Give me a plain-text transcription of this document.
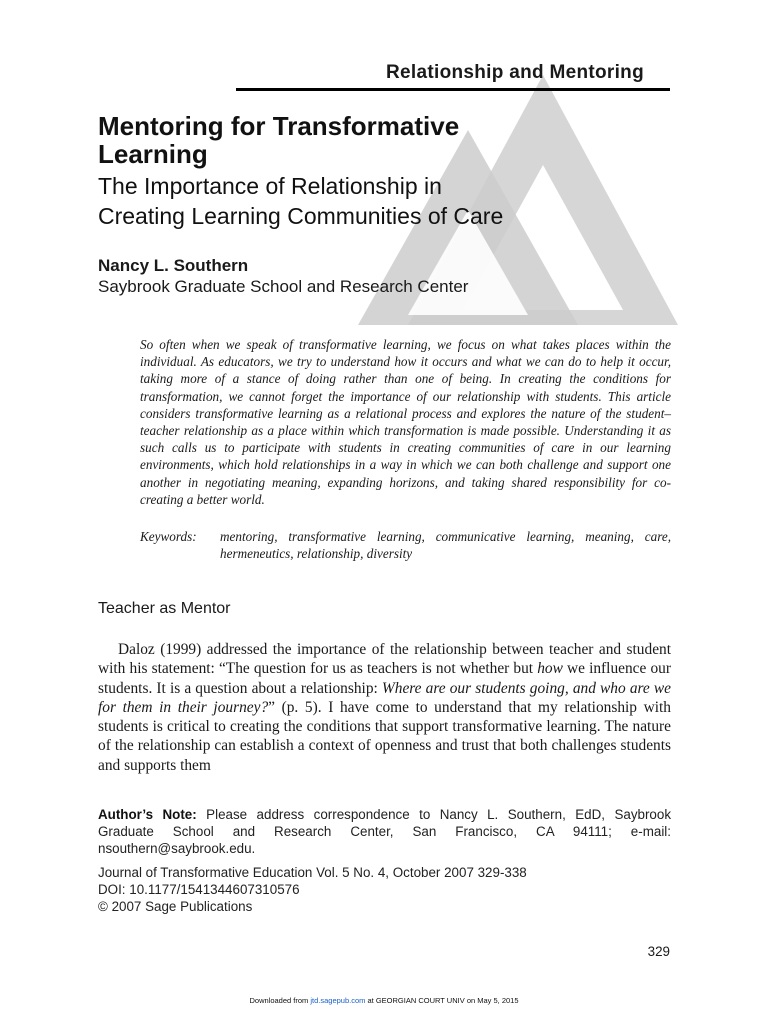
Relationship and Mentoring
Mentoring for Transformative
Learning
The Importance of Relationship in
Creating Learning Communities of Care
Nancy L. Southern
Saybrook Graduate School and Research Center
So often when we speak of transformative learning, we focus on what takes places within the individual. As educators, we try to understand how it occurs and what we can do to help it occur, taking more of a stance of doing rather than one of being. In creating the conditions for transformation, we cannot forget the importance of our relationship with students. This article considers transformative learning as a relational process and explores the nature of the student–teacher relationship as a place within which transformation is made possible. Understanding it as such calls us to participate with students in creating communities of care in our learning environments, which hold relationships in a way in which we can both challenge and support one another in negotiating meaning, expanding horizons, and taking shared responsibility for co-creating a better world.
Keywords: mentoring, transformative learning, communicative learning, meaning, care, hermeneutics, relationship, diversity
Teacher as Mentor

Daloz (1999) addressed the importance of the relationship between teacher and student with his statement: “The question for us as teachers is not whether but how we influence our students. It is a question about a relationship: Where are our students going, and who are we for them in their journey?” (p. 5). I have come to understand that my relationship with students is critical to creating the conditions that support transformative learning. The nature of the relationship can establish a context of openness and trust that both challenges students and supports them

Author’s Note: Please address correspondence to Nancy L. Southern, EdD, Saybrook Graduate School and Research Center, San Francisco, CA 94111; e-mail: nsouthern@saybrook.edu.
Journal of Transformative Education Vol. 5 No. 4, October 2007 329-338
DOI: 10.1177/1541344607310576
© 2007 Sage Publications
329
Downloaded from jtd.sagepub.com at GEORGIAN COURT UNIV on May 5, 2015
